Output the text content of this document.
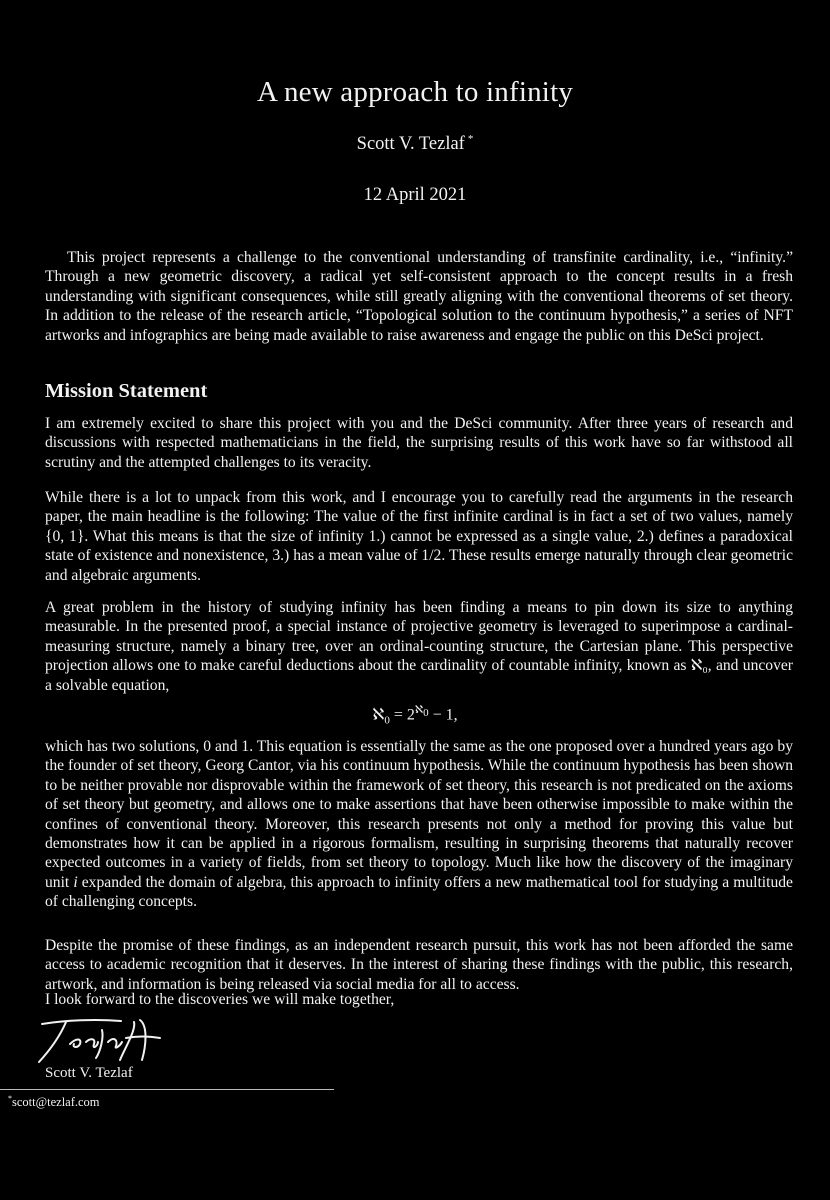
A new approach to infinity
Scott V. Tezlaf *
12 April 2021

This project represents a challenge to the conventional understanding of transfinite cardinality, i.e., “infinity.” Through a new geometric discovery, a radical yet self-consistent approach to the concept results in a fresh understanding with significant consequences, while still greatly aligning with the conventional theorems of set theory. In addition to the release of the research article, “Topological solution to the continuum hypothesis,” a series of NFT artworks and infographics are being made available to raise awareness and engage the public on this DeSci project.

Mission Statement

I am extremely excited to share this project with you and the DeSci community. After three years of research and discussions with respected mathematicians in the field, the surprising results of this work have so far withstood all scrutiny and the attempted challenges to its veracity.

While there is a lot to unpack from this work, and I encourage you to carefully read the arguments in the research paper, the main headline is the following: The value of the first infinite cardinal is in fact a set of two values, namely {0, 1}. What this means is that the size of infinity 1.) cannot be expressed as a single value, 2.) defines a paradoxical state of existence and nonexistence, 3.) has a mean value of 1/2. These results emerge naturally through clear geometric and algebraic arguments.

A great problem in the history of studying infinity has been finding a means to pin down its size to anything measurable. In the presented proof, a special instance of projective geometry is leveraged to superimpose a cardinal-measuring structure, namely a binary tree, over an ordinal-counting structure, the Cartesian plane. This perspective projection allows one to make careful deductions about the cardinality of countable infinity, known as ℵ₀, and uncover a solvable equation,

ℵ$_0$ = $2^{ℵ_0} - 1$,

which has two solutions, 0 and 1. This equation is essentially the same as the one proposed over a hundred years ago by the founder of set theory, Georg Cantor, via his continuum hypothesis. While the continuum hypothesis has been shown to be neither provable nor disprovable within the framework of set theory, this research is not predicated on the axioms of set theory but geometry, and allows one to make assertions that have been otherwise impossible to make within the confines of conventional theory. Moreover, this research presents not only a method for proving this value but demonstrates how it can be applied in a rigorous formalism, resulting in surprising theorems that naturally recover expected outcomes in a variety of fields, from set theory to topology. Much like how the discovery of the imaginary unit i expanded the domain of algebra, this approach to infinity offers a new mathematical tool for studying a multitude of challenging concepts.

Despite the promise of these findings, as an independent research pursuit, this work has not been afforded the same access to academic recognition that it deserves. In the interest of sharing these findings with the public, this research, artwork, and information is being released via social media for all to access.

I look forward to the discoveries we will make together,

Scott V. Tezlaf
*scott@tezlaf.com
